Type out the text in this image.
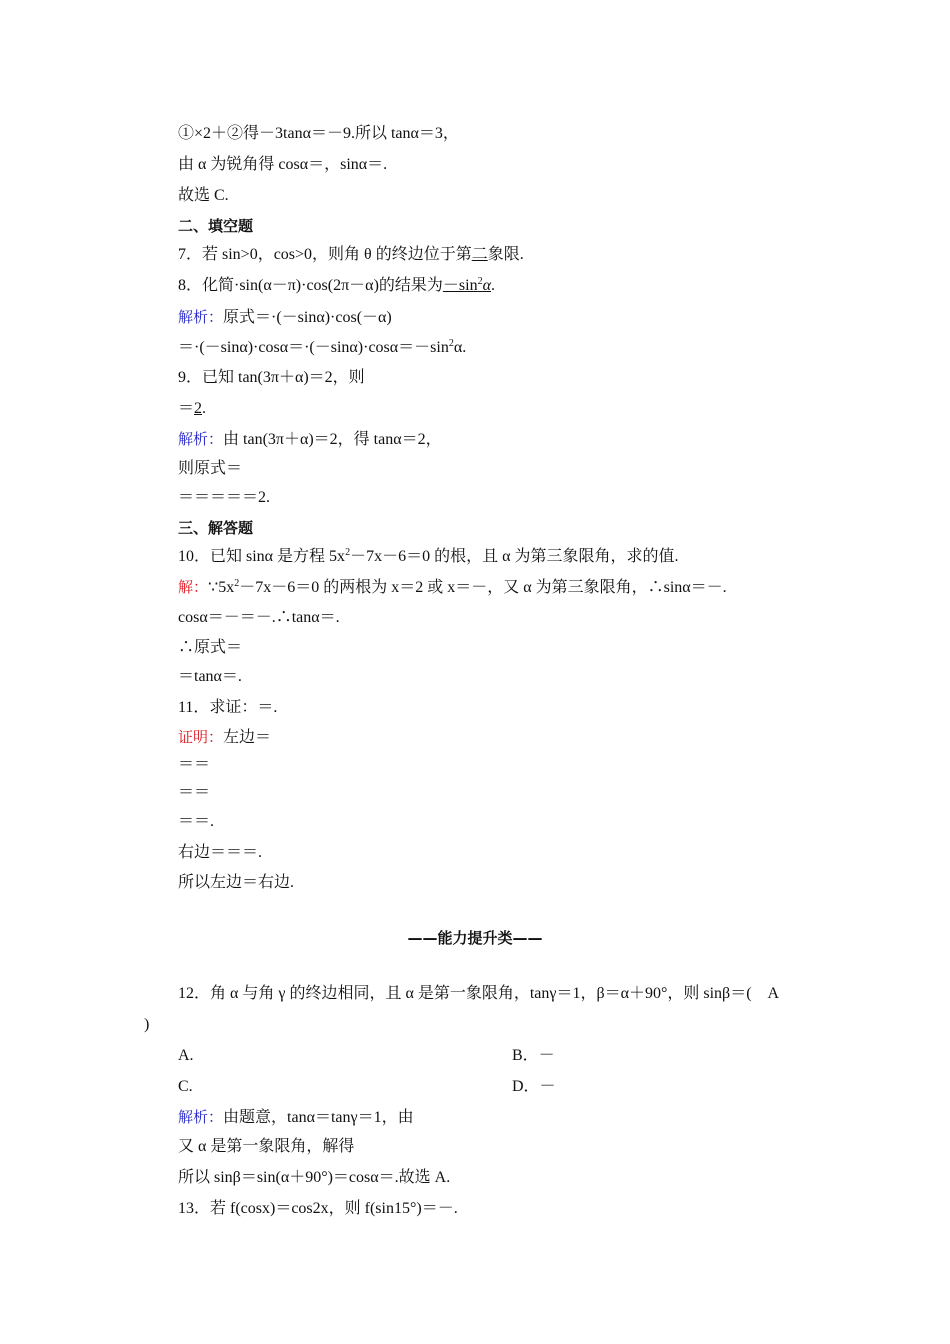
①×2＋②得－3tanα＝－9.所以 tanα＝3，
由 α 为锐角得 cosα＝，sinα＝.
故选 C.
二、填空题
7．若 sin>0，cos>0，则角 θ 的终边位于第二象限.
8．化简·sin(α－π)·cos(2π－α)的结果为$-\sin^2\alpha$.
解析：原式＝·(－sinα)·cos(－α)
$=\cdot(-\sin\alpha)\cdot\cos\alpha=\cdot(-\sin\alpha)\cdot\cos\alpha=-\sin^2\alpha$.
9．已知 tan(3π＋α)＝2，则
＝2.
解析：由 tan(3π＋α)＝2，得 tanα＝2，
则原式＝
＝＝＝＝＝2.
三、解答题
10．已知 sinα 是方程 $5x^2-7x-6=0$ 的根，且 α 为第三象限角，求的值.
解：$\because 5x^2-7x-6=0$ 的两根为 x＝2 或 x＝－，又 α 为第三象限角，∴sinα＝－.
cosα＝－＝－.∴tanα＝.
∴原式＝
＝tanα＝.
11．求证：＝.
证明：左边＝
＝＝
＝＝
＝＝.
右边＝＝＝.
所以左边＝右边.
——能力提升类——
12．角 α 与角 γ 的终边相同，且 α 是第一象限角，tanγ＝1，β＝α＋90°，则 sinβ＝(　A
)
A.	B．－
C.	D．－
解析：由题意，tanα＝tanγ＝1，由
又 α 是第一象限角，解得
所以 sinβ＝sin(α＋90°)＝cosα＝.故选 A.
13．若 f(cosx)＝cos2x，则 f(sin15°)＝－.
